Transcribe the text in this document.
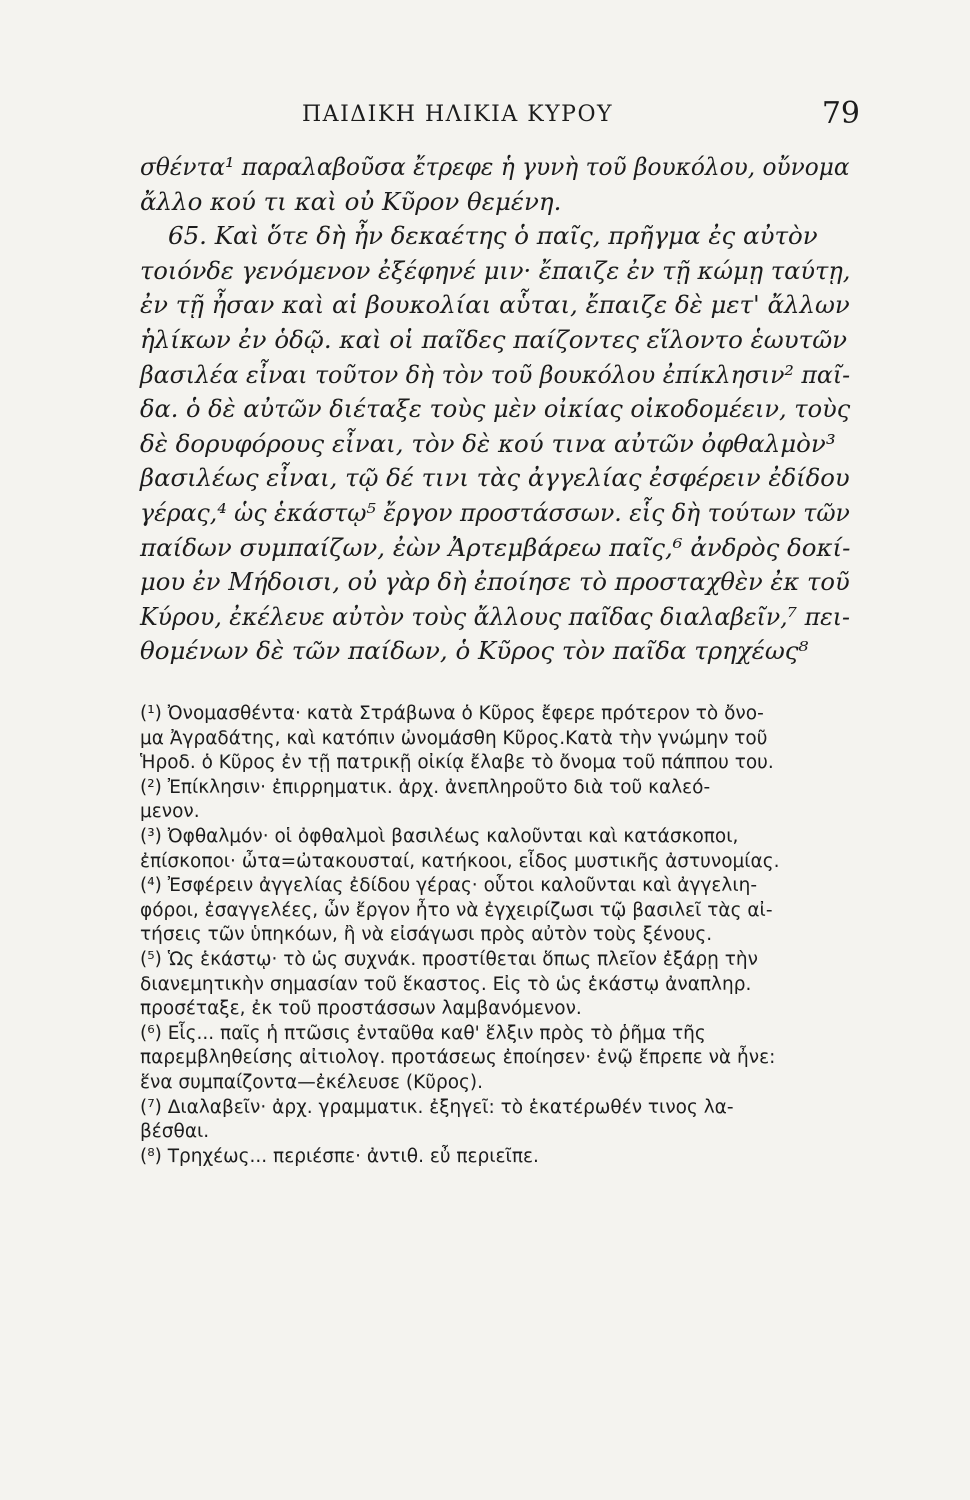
ΠΑΙΔΙΚΗ ΗΛΙΚΙΑ ΚΥΡΟΥ	79
σθέντα¹ παραλαβοῦσα ἔτρεφε ἡ γυνὴ τοῦ βουκόλου, οὔνομα
ἄλλο κού τι καὶ οὐ Κῦρον θεμένη.
65. Καὶ ὅτε δὴ ἦν δεκαέτης ὁ παῖς, πρῆγμα ἐς αὐτὸν
τοιόνδε γενόμενον ἐξέφηνέ μιν· ἔπαιζε ἐν τῇ κώμῃ ταύτῃ,
ἐν τῇ ἦσαν καὶ αἱ βουκολίαι αὗται, ἔπαιζε δὲ μετ' ἄλλων
ἡλίκων ἐν ὁδῷ. καὶ οἱ παῖδες παίζοντες εἵλοντο ἑωυτῶν
βασιλέα εἶναι τοῦτον δὴ τὸν τοῦ βουκόλου ἐπίκλησιν² παῖ-
δα. ὁ δὲ αὐτῶν διέταξε τοὺς μὲν οἰκίας οἰκοδομέειν, τοὺς
δὲ δορυφόρους εἶναι, τὸν δὲ κού τινα αὐτῶν ὀφθαλμὸν³
βασιλέως εἶναι, τῷ δέ τινι τὰς ἀγγελίας ἐσφέρειν ἐδίδου
γέρας,⁴ ὡς ἑκάστῳ⁵ ἔργον προστάσσων. εἷς δὴ τούτων τῶν
παίδων συμπαίζων, ἐὼν Ἀρτεμβάρεω παῖς,⁶ ἀνδρὸς δοκί-
μου ἐν Μήδοισι, οὐ γὰρ δὴ ἐποίησε τὸ προσταχθὲν ἐκ τοῦ
Κύρου, ἐκέλευε αὐτὸν τοὺς ἄλλους παῖδας διαλαβεῖν,⁷ πει-
θομένων δὲ τῶν παίδων, ὁ Κῦρος τὸν παῖδα τρηχέως⁸
(¹) Ὀνομασθέντα· κατὰ Στράβωνα ὁ Κῦρος ἔφερε πρότερον τὸ ὄνο-
μα Ἀγραδάτης, καὶ κατόπιν ὠνομάσθη Κῦρος.Κατὰ τὴν γνώμην τοῦ
Ἡροδ. ὁ Κῦρος ἐν τῇ πατρικῇ οἰκίᾳ ἔλαβε τὸ ὄνομα τοῦ πάππου του.
(²) Ἐπίκλησιν· ἐπιρρηματικ. ἀρχ. ἀνεπληροῦτο διὰ τοῦ καλεό-
μενον.
(³) Ὀφθαλμόν· οἱ ὀφθαλμοὶ βασιλέως καλοῦνται καὶ κατάσκοποι,
ἐπίσκοποι· ὦτα=ὠτακουσταί, κατήκοοι, εἶδος μυστικῆς ἀστυνομίας.
(⁴) Ἐσφέρειν ἀγγελίας ἐδίδου γέρας· οὗτοι καλοῦνται καὶ ἀγγελιη-
φόροι, ἐσαγγελέες, ὧν ἔργον ἦτο νὰ ἐγχειρίζωσι τῷ βασιλεῖ τὰς αἰ-
τήσεις τῶν ὑπηκόων, ἢ νὰ εἰσάγωσι πρὸς αὐτὸν τοὺς ξένους.
(⁵) Ὡς ἑκάστῳ· τὸ ὡς συχνάκ. προστίθεται ὅπως πλεῖον ἐξάρῃ τὴν
διανεμητικὴν σημασίαν τοῦ ἕκαστος. Εἰς τὸ ὡς ἑκάστῳ ἀναπληρ.
προσέταξε, ἐκ τοῦ προστάσσων λαμβανόμενον.
(⁶) Εἷς... παῖς ἡ πτῶσις ἐνταῦθα καθ' ἕλξιν πρὸς τὸ ῥῆμα τῆς
παρεμβληθείσης αἰτιολογ. προτάσεως ἐποίησεν· ἐνῷ ἔπρεπε νὰ ἦνε:
ἕνα συμπαίζοντα—ἐκέλευσε (Κῦρος).
(⁷) Διαλαβεῖν· ἀρχ. γραμματικ. ἐξηγεῖ: τὸ ἑκατέρωθέν τινος λα-
βέσθαι.
(⁸) Τρηχέως... περιέσπε· ἀντιθ. εὖ περιεῖπε.
